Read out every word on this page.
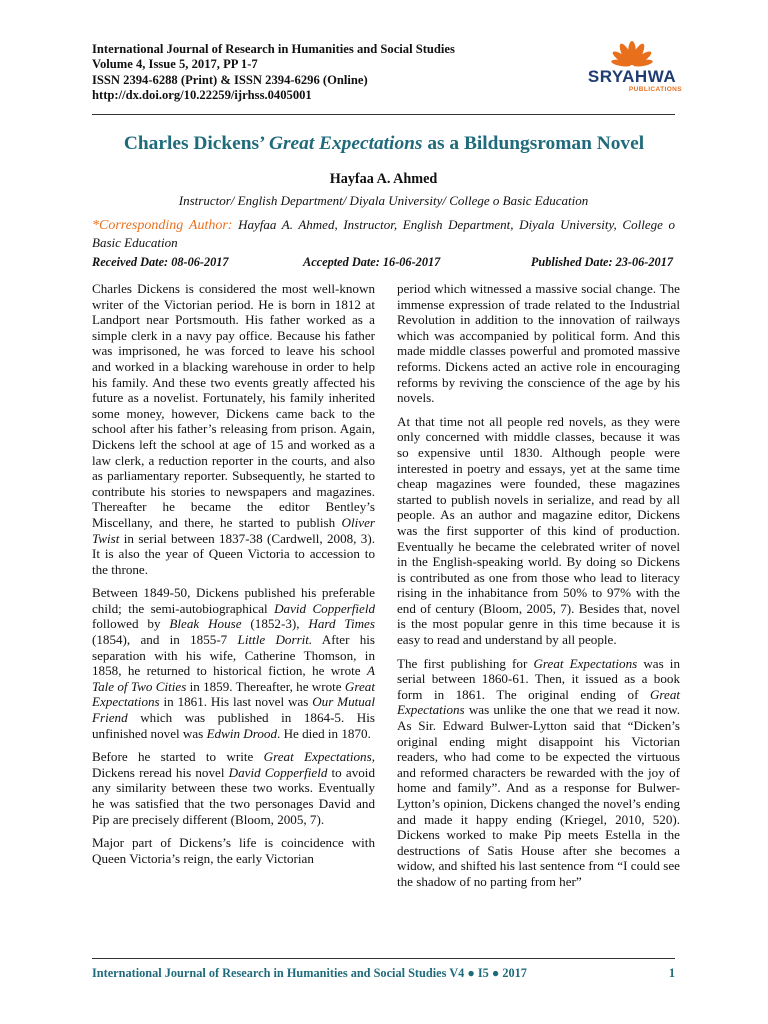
International Journal of Research in Humanities and Social Studies
Volume 4, Issue 5, 2017, PP 1-7
ISSN 2394-6288 (Print) & ISSN 2394-6296 (Online)
http://dx.doi.org/10.22259/ijrhss.0405001
SRYAHWA
PUBLICATIONS
Charles Dickens’ Great Expectations as a Bildungsroman Novel
Hayfaa A. Ahmed
Instructor/ English Department/ Diyala University/ College o Basic Education
*Corresponding Author: Hayfaa A. Ahmed, Instructor, English Department, Diyala University, College o Basic Education
Received Date: 08-06-2017	Accepted Date: 16-06-2017	Published Date: 23-06-2017

Charles Dickens is considered the most well-known writer of the Victorian period. He is born in 1812 at Landport near Portsmouth. His father worked as a simple clerk in a navy pay office. Because his father was imprisoned, he was forced to leave his school and worked in a blacking warehouse in order to help his family. And these two events greatly affected his future as a novelist. Fortunately, his family inherited some money, however, Dickens came back to the school after his father’s releasing from prison. Again, Dickens left the school at age of 15 and worked as a law clerk, a reduction reporter in the courts, and also as parliamentary reporter. Subsequently, he started to contribute his stories to newspapers and magazines. Thereafter he became the editor Bentley’s Miscellany, and there, he started to publish Oliver Twist in serial between 1837-38 (Cardwell, 2008, 3). It is also the year of Queen Victoria to accession to the throne.

Between 1849-50, Dickens published his preferable child; the semi-autobiographical David Copperfield followed by Bleak House (1852-3), Hard Times (1854), and in 1855-7 Little Dorrit. After his separation with his wife, Catherine Thomson, in 1858, he returned to historical fiction, he wrote A Tale of Two Cities in 1859. Thereafter, he wrote Great Expectations in 1861. His last novel was Our Mutual Friend which was published in 1864-5. His unfinished novel was Edwin Drood. He died in 1870.

Before he started to write Great Expectations, Dickens reread his novel David Copperfield to avoid any similarity between these two works. Eventually he was satisfied that the two personages David and Pip are precisely different (Bloom, 2005, 7).

Major part of Dickens’s life is coincidence with Queen Victoria’s reign, the early Victorian

period which witnessed a massive social change. The immense expression of trade related to the Industrial Revolution in addition to the innovation of railways which was accompanied by political form. And this made middle classes powerful and promoted massive reforms. Dickens acted an active role in encouraging reforms by reviving the conscience of the age by his novels.

At that time not all people red novels, as they were only concerned with middle classes, because it was so expensive until 1830. Although people were interested in poetry and essays, yet at the same time cheap magazines were founded, these magazines started to publish novels in serialize, and read by all people. As an author and magazine editor, Dickens was the first supporter of this kind of production. Eventually he became the celebrated writer of novel in the English-speaking world. By doing so Dickens is contributed as one from those who lead to literacy rising in the inhabitance from 50% to 97% with the end of century (Bloom, 2005, 7). Besides that, novel is the most popular genre in this time because it is easy to read and understand by all people.

The first publishing for Great Expectations was in serial between 1860-61. Then, it issued as a book form in 1861. The original ending of Great Expectations was unlike the one that we read it now. As Sir. Edward Bulwer-Lytton said that “Dicken’s original ending might disappoint his Victorian readers, who had come to be expected the virtuous and reformed characters be rewarded with the joy of home and family”. And as a response for Bulwer-Lytton’s opinion, Dickens changed the novel’s ending and made it happy ending (Kriegel, 2010, 520). Dickens worked to make Pip meets Estella in the destructions of Satis House after she becomes a widow, and shifted his last sentence from “I could see the shadow of no parting from her”

International Journal of Research in Humanities and Social Studies V4 ● I5 ● 2017	1
